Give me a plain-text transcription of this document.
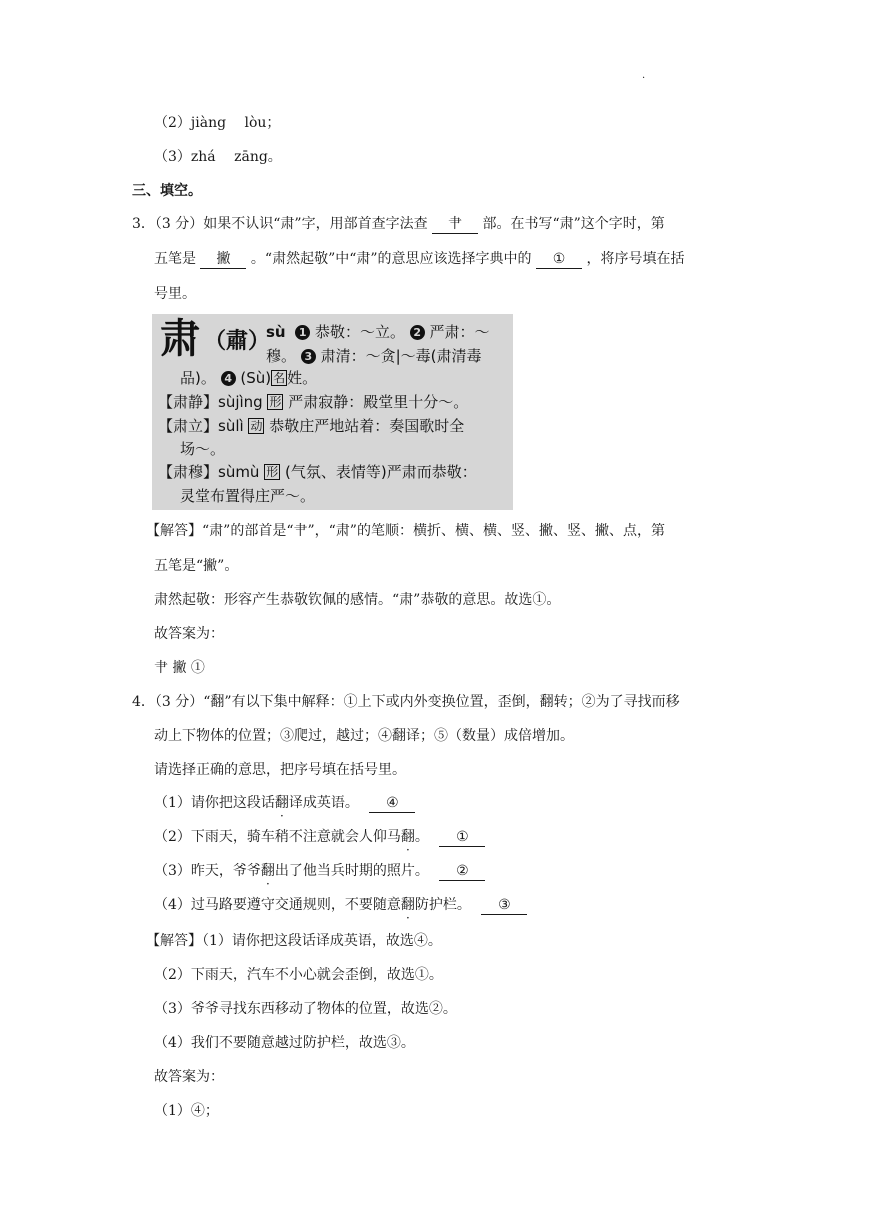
.
（2）jiàng　 lòu；
（3）zhá　 zāng。
三、填空。
3．（3 分）如果不认识“肃”字，用部首查字法查 肀 部。在书写“肃”这个字时，第
五笔是 撇 。“肃然起敬”中“肃”的意思应该选择字典中的 ① ，将序号填在括
号里。
肃 （肅）
sù 1 恭敬：～立。 2 严肃：～
穆。 3 肃清：～贪|～毒(肃清毒
品)。 4 (Sù) 名 姓。
【肃静】sùjìng 形 严肃寂静：殿堂里十分～。
【肃立】sùlì 动 恭敬庄严地站着：奏国歌时全
场～。
【肃穆】sùmù 形 (气氛、表情等)严肃而恭敬：
灵堂布置得庄严～。
【解答】“肃”的部首是“肀”，“肃”的笔顺：横折、横、横、竖、撇、竖、撇、点，第
五笔是“撇”。
肃然起敬：形容产生恭敬钦佩的感情。“肃”恭敬的意思。故选①。
故答案为：
肀 撇 ①
4．（3 分）“翻”有以下集中解释：①上下或内外变换位置，歪倒，翻转；②为了寻找而移
动上下物体的位置；③爬过，越过；④翻译；⑤（数量）成倍增加。
请选择正确的意思，把序号填在括号里。
（1）请你把这段话翻译成英语。 ④
（2）下雨天，骑车稍不注意就会人仰马翻。 ①
（3）昨天，爷爷翻出了他当兵时期的照片。 ②
（4）过马路要遵守交通规则，不要随意翻防护栏。 ③
【解答】（1）请你把这段话译成英语，故选④。
（2）下雨天，汽车不小心就会歪倒，故选①。
（3）爷爷寻找东西移动了物体的位置，故选②。
（4）我们不要随意越过防护栏，故选③。
故答案为：
（1）④；
